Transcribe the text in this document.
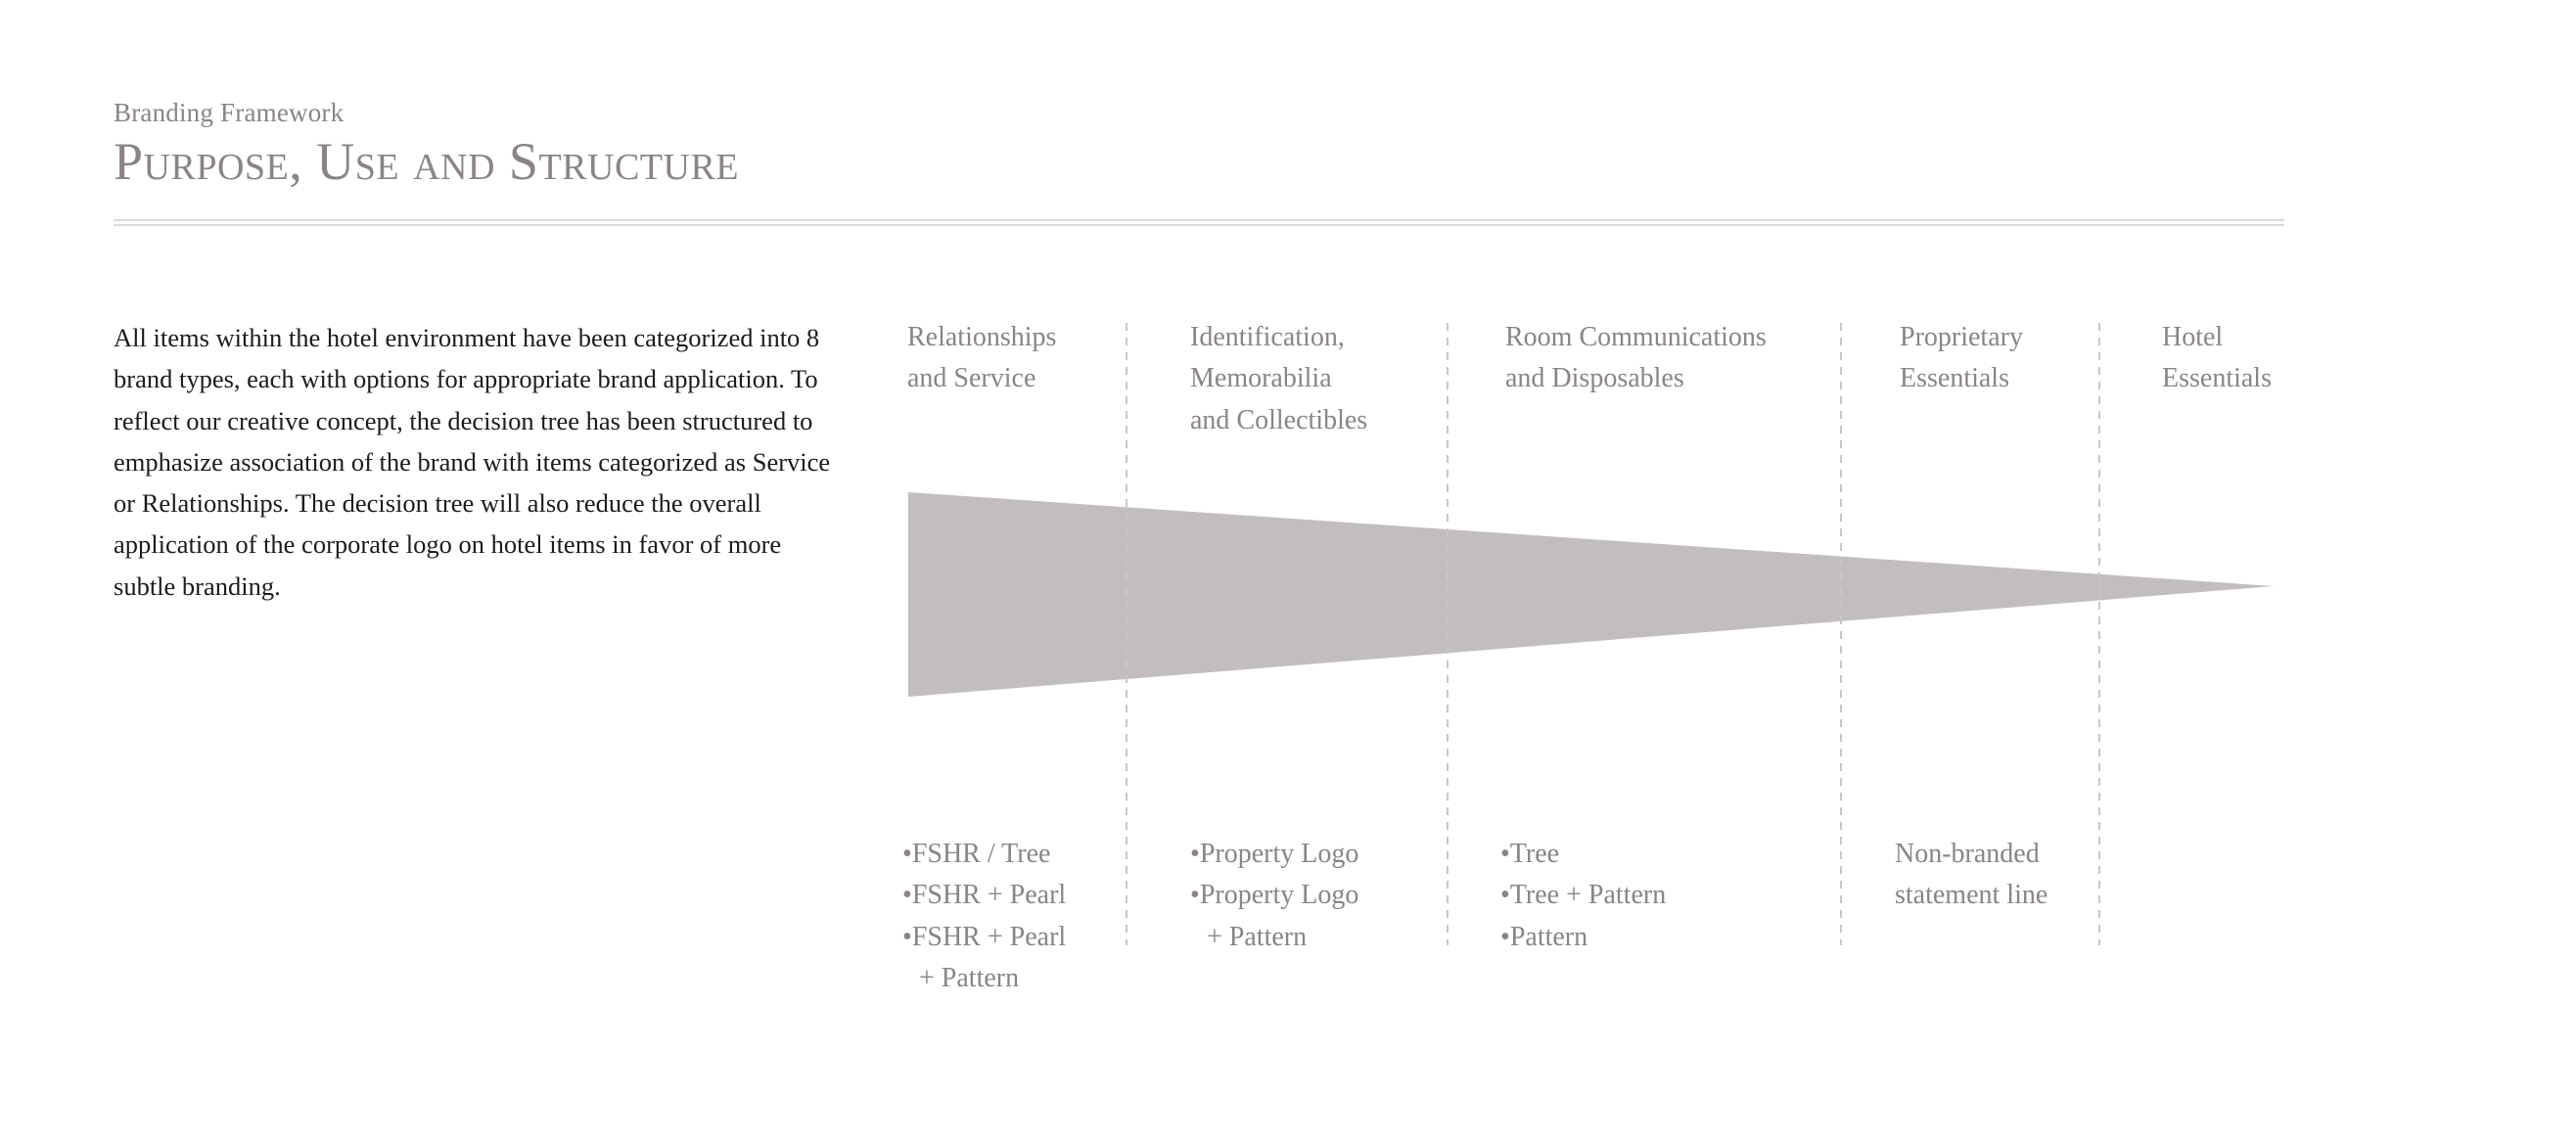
Branding Framework
Purpose, Use and Structure
All items within the hotel environment have been categorized into 8 brand types, each with options for appropriate brand application. To reflect our creative concept, the decision tree has been structured to emphasize association of the brand with items categorized as Service or Relationships. The decision tree will also reduce the overall application of the corporate logo on hotel items in favor of more subtle branding.
Relationships
and Service
• FSHR / Tree
• FSHR + Pearl
• FSHR + Pearl
+ Pattern
Identification,
Memorabilia
and Collectibles
• Property Logo
• Property Logo
+ Pattern
Room Communications
and Disposables
• Tree
• Tree + Pattern
• Pattern
Proprietary
Essentials
Non-branded
statement line
Hotel
Essentials
